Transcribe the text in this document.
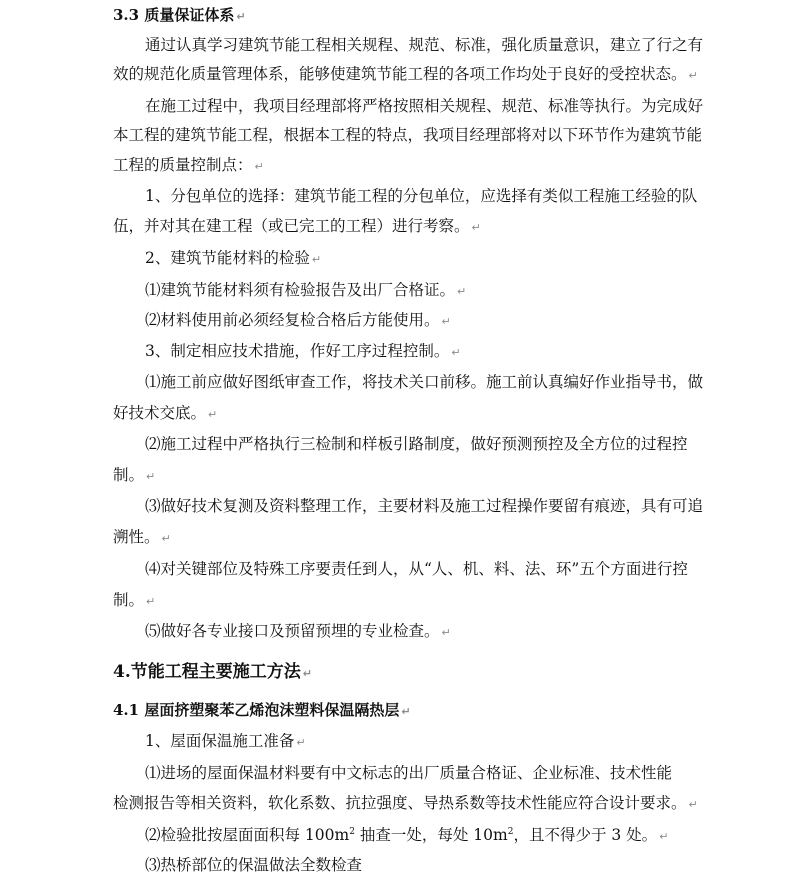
3.3 质量保证体系 ↵
通过认真学习建筑节能工程相关规程、规范、标准，强化质量意识，建立了行之有
效的规范化质量管理体系，能够使建筑节能工程的各项工作均处于良好的受控状态。 ↵
在施工过程中，我项目经理部将严格按照相关规程、规范、标准等执行。为完成好
本工程的建筑节能工程，根据本工程的特点，我项目经理部将对以下环节作为建筑节能
工程的质量控制点： ↵
1、分包单位的选择：建筑节能工程的分包单位，应选择有类似工程施工经验的队
伍，并对其在建工程（或已完工的工程）进行考察。 ↵
2、建筑节能材料的检验 ↵
⑴建筑节能材料须有检验报告及出厂合格证。 ↵
⑵材料使用前必须经复检合格后方能使用。 ↵
3、制定相应技术措施，作好工序过程控制。 ↵
⑴施工前应做好图纸审查工作，将技术关口前移。施工前认真编好作业指导书，做
好技术交底。 ↵
⑵施工过程中严格执行三检制和样板引路制度，做好预测预控及全方位的过程控
制。 ↵
⑶做好技术复测及资料整理工作，主要材料及施工过程操作要留有痕迹，具有可追
溯性。 ↵
⑷对关键部位及特殊工序要责任到人，从“人、机、料、法、环”五个方面进行控
制。 ↵
⑸做好各专业接口及预留预埋的专业检查。 ↵
4.节能工程主要施工方法 ↵
4.1 屋面挤塑聚苯乙烯泡沫塑料保温隔热层 ↵
1、屋面保温施工准备 ↵
⑴进场的屋面保温材料要有中文标志的出厂质量合格证、企业标准、技术性能
检测报告等相关资料，软化系数、抗拉强度、导热系数等技术性能应符合设计要求。 ↵
⑵检验批按屋面面积每 $100m^2$ 抽查一处，每处 $10m^2$，且不得少于 3 处。 ↵
⑶热桥部位的保温做法全数检查
